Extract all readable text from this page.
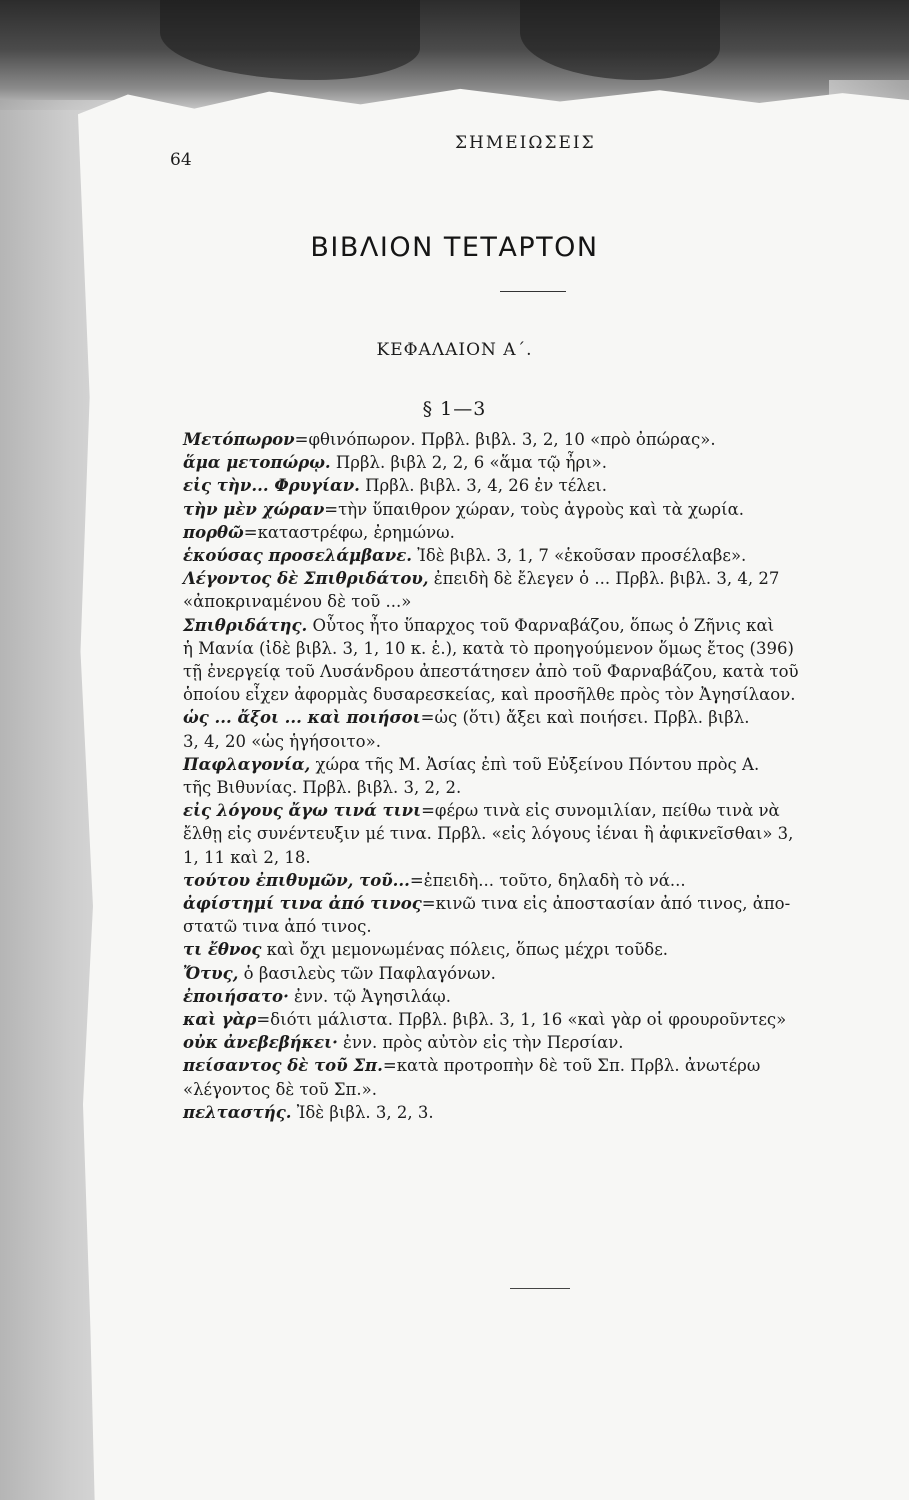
64
ΣΗΜΕΙΩΣΕΙΣ
ΒΙΒΛΙΟΝ ΤΕΤΑΡΤΟΝ
ΚΕΦΑΛΑΙΟΝ Α΄.
§ 1—3

Μετόπωρον=φθινόπωρον. Πρβλ. βιβλ. 3, 2, 10 «πρὸ ὀπώρας».

ἅμα μετοπώρῳ. Πρβλ. βιβλ 2, 2, 6 «ἅμα τῷ ἦρι».

εἰς τὴν... Φρυγίαν. Πρβλ. βιβλ. 3, 4, 26 ἐν τέλει.

τὴν μὲν χώραν=τὴν ὕπαιθρον χώραν, τοὺς ἀγροὺς καὶ τὰ χωρία.

πορθῶ=καταστρέφω, ἐρημώνω.

ἑκούσας προσελάμβανε. Ἰδὲ βιβλ. 3, 1, 7 «ἑκοῦσαν προσέλαβε».

Λέγοντος δὲ Σπιθριδάτου, ἐπειδὴ δὲ ἔλεγεν ὁ ... Πρβλ. βιβλ. 3, 4, 27

«ἀποκριναμένου δὲ τοῦ ...»

Σπιθριδάτης. Οὗτος ἦτο ὕπαρχος τοῦ Φαρναβάζου, ὅπως ὁ Ζῆνις καὶ

ἡ Μανία (ἰδὲ βιβλ. 3, 1, 10 κ. ἑ.), κατὰ τὸ προηγούμενον ὅμως ἔτος (396)

τῇ ἐνεργείᾳ τοῦ Λυσάνδρου ἀπεστάτησεν ἀπὸ τοῦ Φαρναβάζου, κατὰ τοῦ

ὁποίου εἶχεν ἀφορμὰς δυσαρεσκείας, καὶ προσῆλθε πρὸς τὸν Ἀγησίλαον.

ὡς ... ἄξοι ... καὶ ποιήσοι=ὡς (ὅτι) ἄξει καὶ ποιήσει. Πρβλ. βιβλ.

3, 4, 20 «ὡς ἡγήσοιτο».

Παφλαγονία, χώρα τῆς Μ. Ἀσίας ἐπὶ τοῦ Εὐξείνου Πόντου πρὸς Α.

τῆς Βιθυνίας. Πρβλ. βιβλ. 3, 2, 2.

εἰς λόγους ἄγω τινά τινι=φέρω τινὰ εἰς συνομιλίαν, πείθω τινὰ νὰ

ἔλθῃ εἰς συνέντευξιν μέ τινα. Πρβλ. «εἰς λόγους ἰέναι ἢ ἀφικνεῖσθαι» 3,

1, 11 καὶ 2, 18.

τούτου ἐπιθυμῶν, τοῦ...=ἐπειδὴ... τοῦτο, δηλαδὴ τὸ νά...

ἀφίστημί τινα ἀπό τινος=κινῶ τινα εἰς ἀποστασίαν ἀπό τινος, ἀπο-

στατῶ τινα ἀπό τινος.

τι ἔθνος καὶ ὄχι μεμονωμένας πόλεις, ὅπως μέχρι τοῦδε.

Ὄτυς, ὁ βασιλεὺς τῶν Παφλαγόνων.

ἐποιήσατο· ἐνν. τῷ Ἀγησιλάῳ.

καὶ γὰρ=διότι μάλιστα. Πρβλ. βιβλ. 3, 1, 16 «καὶ γὰρ οἱ φρουροῦντες»

οὐκ ἀνεβεβήκει· ἐνν. πρὸς αὐτὸν εἰς τὴν Περσίαν.

πείσαντος δὲ τοῦ Σπ.=κατὰ προτροπὴν δὲ τοῦ Σπ. Πρβλ. ἀνωτέρω

«λέγοντος δὲ τοῦ Σπ.».

πελταστής. Ἰδὲ βιβλ. 3, 2, 3.
